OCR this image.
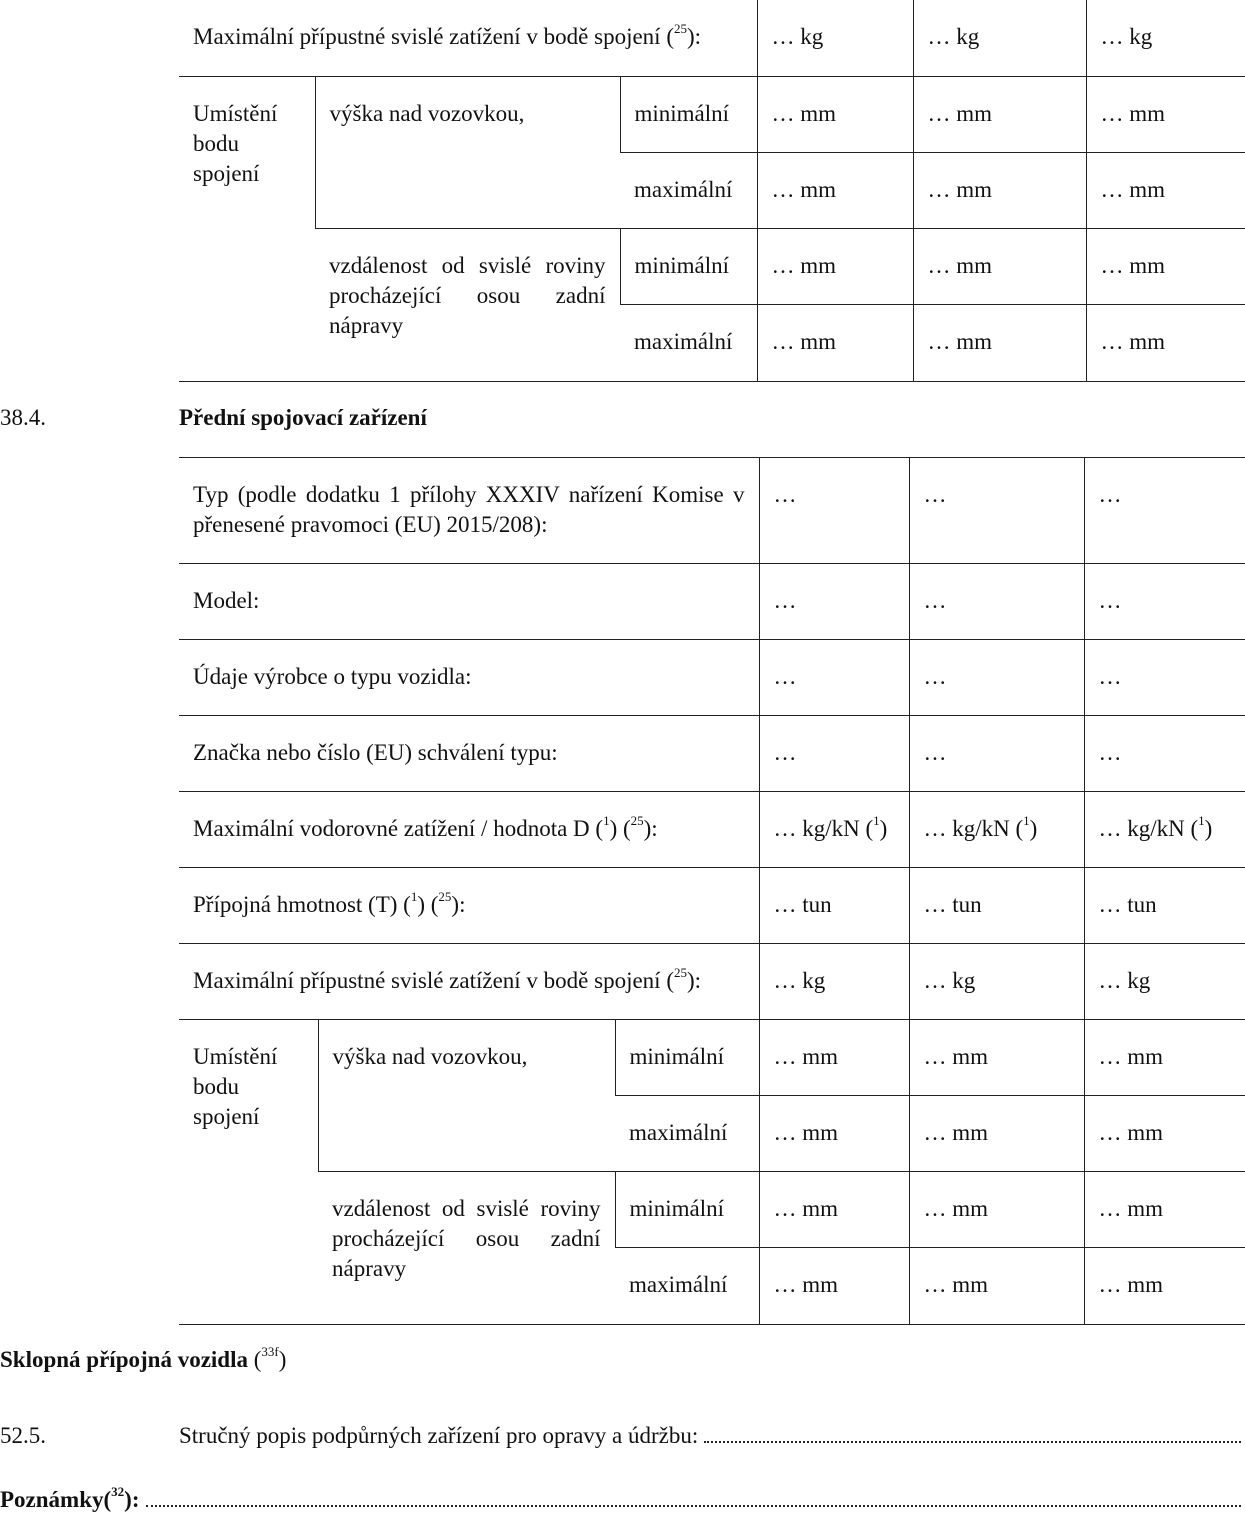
Maximální přípustné svislé zatížení v bodě spojení ($^{25}$):			… kg	… kg	… kg
Umístění bodu spojení	výška nad vozovkou,	minimální	… mm	… mm	… mm
		maximální	… mm	… mm	… mm
	vzdálenost od svislé roviny procházející osou zadní nápravy	minimální	… mm	… mm	… mm
		maximální	… mm	… mm	… mm
38.4.	Přední spojovací zařízení
Typ (podle dodatku 1 přílohy XXXIV nařízení Komise v přenesené pravomoci (EU) 2015/208):			…	…	…
Model:			…	…	…
Údaje výrobce o typu vozidla:			…	…	…
Značka nebo číslo (EU) schválení typu:			…	…	…
Maximální vodorovné zatížení / hodnota D ($^1$) ($^{25}$):			… kg/kN ($^1$)	… kg/kN ($^1$)	… kg/kN ($^1$)
Přípojná hmotnost (T) ($^1$) ($^{25}$):			… tun	… tun	… tun
Maximální přípustné svislé zatížení v bodě spojení ($^{25}$):			… kg	… kg	… kg
Umístění bodu spojení	výška nad vozovkou,	minimální	… mm	… mm	… mm
		maximální	… mm	… mm	… mm
	vzdálenost od svislé roviny procházející osou zadní nápravy	minimální	… mm	… mm	… mm
		maximální	… mm	… mm	… mm
Sklopná přípojná vozidla ($^{33f}$)
52.5.	Stručný popis podpůrných zařízení pro opravy a údržbu:
Poznámky($^{32}$):
